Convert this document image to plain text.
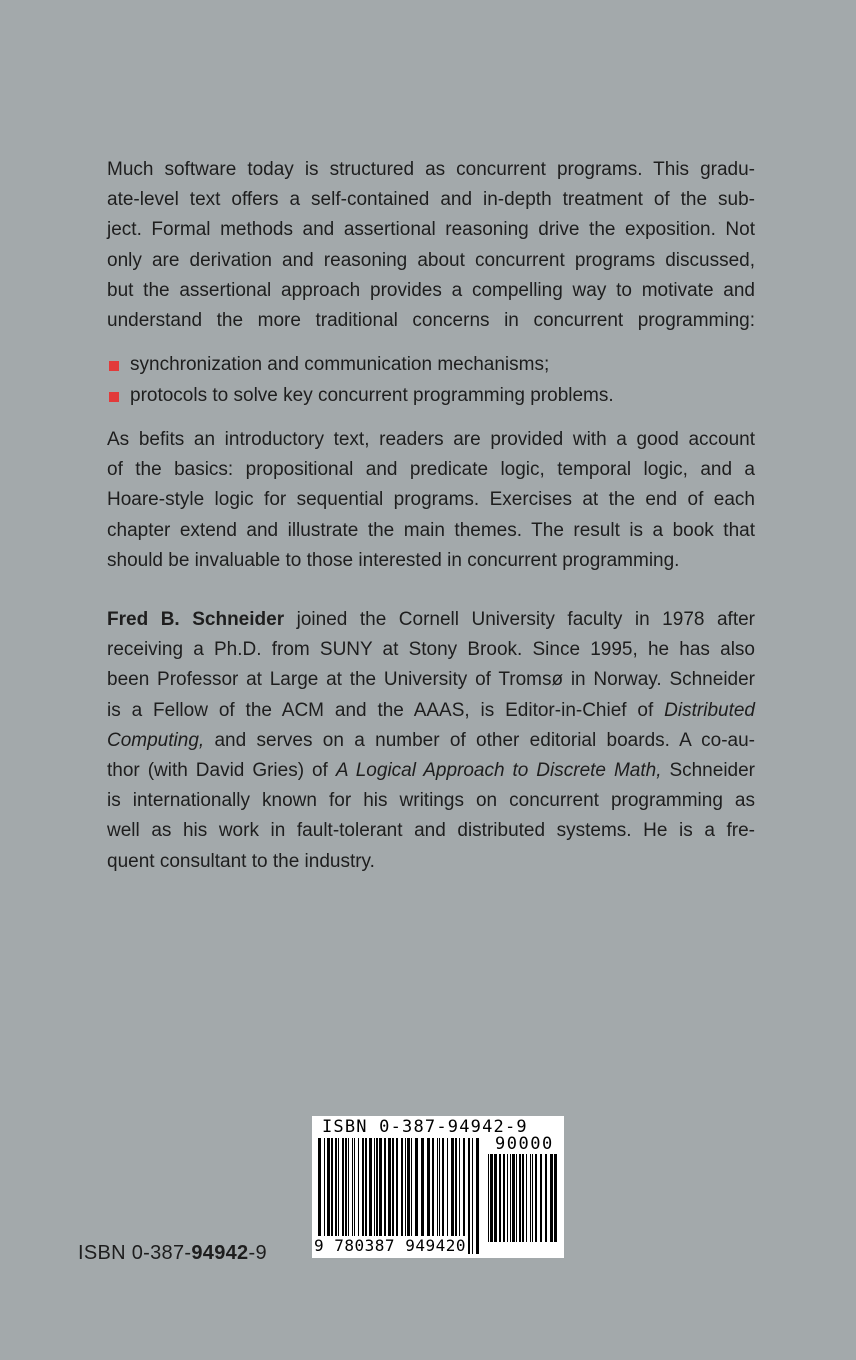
Much software today is structured as concurrent programs. This gradu-
ate-level text offers a self-contained and in-depth treatment of the sub-
ject. Formal methods and assertional reasoning drive the exposition. Not
only are derivation and reasoning about concurrent programs discussed,
but the assertional approach provides a compelling way to motivate and
understand the more traditional concerns in concurrent programming:
synchronization and communication mechanisms;
protocols to solve key concurrent programming problems.
As befits an introductory text, readers are provided with a good account
of the basics: propositional and predicate logic, temporal logic, and a
Hoare-style logic for sequential programs. Exercises at the end of each
chapter extend and illustrate the main themes. The result is a book that
should be invaluable to those interested in concurrent programming.
Fred B. Schneider joined the Cornell University faculty in 1978 after
receiving a Ph.D. from SUNY at Stony Brook. Since 1995, he has also
been Professor at Large at the University of Tromsø in Norway. Schneider
is a Fellow of the ACM and the AAAS, is Editor-in-Chief of Distributed
Computing, and serves on a number of other editorial boards. A co-au-
thor (with David Gries) of A Logical Approach to Discrete Math, Schneider
is internationally known for his writings on concurrent programming as
well as his work in fault-tolerant and distributed systems. He is a fre-
quent consultant to the industry.
ISBN 0-387-94942-9
ISBN 0-387-94942-9
90000
9 780387 949420
